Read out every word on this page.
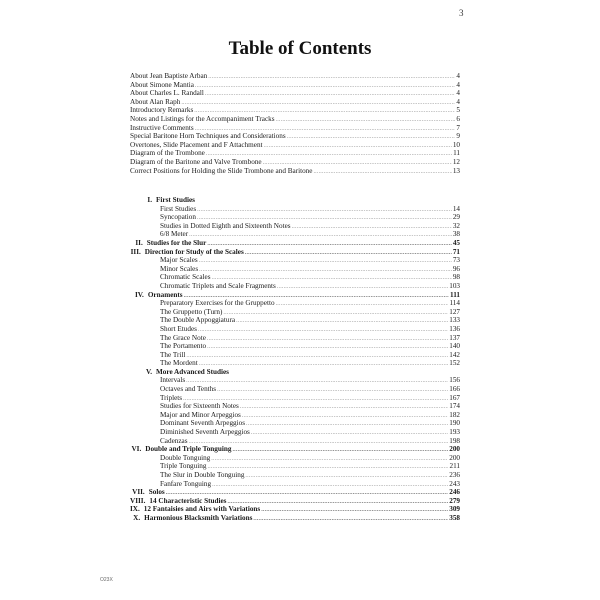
3
Table of Contents
About Jean Baptiste Arban .....	4
About Simone Mantia .....	4
About Charles L. Randall .....	4
About Alan Raph .....	4
Introductory Remarks .....	5
Notes and Listings for the Accompaniment Tracks .....	6
Instructive Comments .....	7
Special Baritone Horn Techniques and Considerations .....	9
Overtones, Slide Placement and F Attachment .....	10
Diagram of the Trombone .....	11
Diagram of the Baritone and Valve Trombone .....	12
Correct Positions for Holding the Slide Trombone and Baritone .....	13
I. First Studies
First Studies .....	14
Syncopation .....	29
Studies in Dotted Eighth and Sixteenth Notes .....	32
6/8 Meter .....	38
II. Studies for the Slur .....	45
III. Direction for Study of the Scales .....	71
Major Scales .....	73
Minor Scales .....	96
Chromatic Scales .....	98
Chromatic Triplets and Scale Fragments .....	103
IV. Ornaments .....	111
Preparatory Exercises for the Gruppetto .....	114
The Gruppetto (Turn) .....	127
The Double Appoggiatura .....	133
Short Etudes .....	136
The Grace Note .....	137
The Portamento .....	140
The Trill .....	142
The Mordent .....	152
V. More Advanced Studies
Intervals .....	156
Octaves and Tenths .....	166
Triplets .....	167
Studies for Sixteenth Notes .....	174
Major and Minor Arpeggios .....	182
Dominant Seventh Arpeggios .....	190
Diminished Seventh Arpeggios .....	193
Cadenzas .....	198
VI. Double and Triple Tonguing .....	200
Double Tonguing .....	200
Triple Tonguing .....	211
The Slur in Double Tonguing .....	236
Fanfare Tonguing .....	243
VII. Solos .....	246
VIII. 14 Characteristic Studies .....	279
IX. 12 Fantaisies and Airs with Variations .....	309
X. Harmonious Blacksmith Variations .....	358
O23X
